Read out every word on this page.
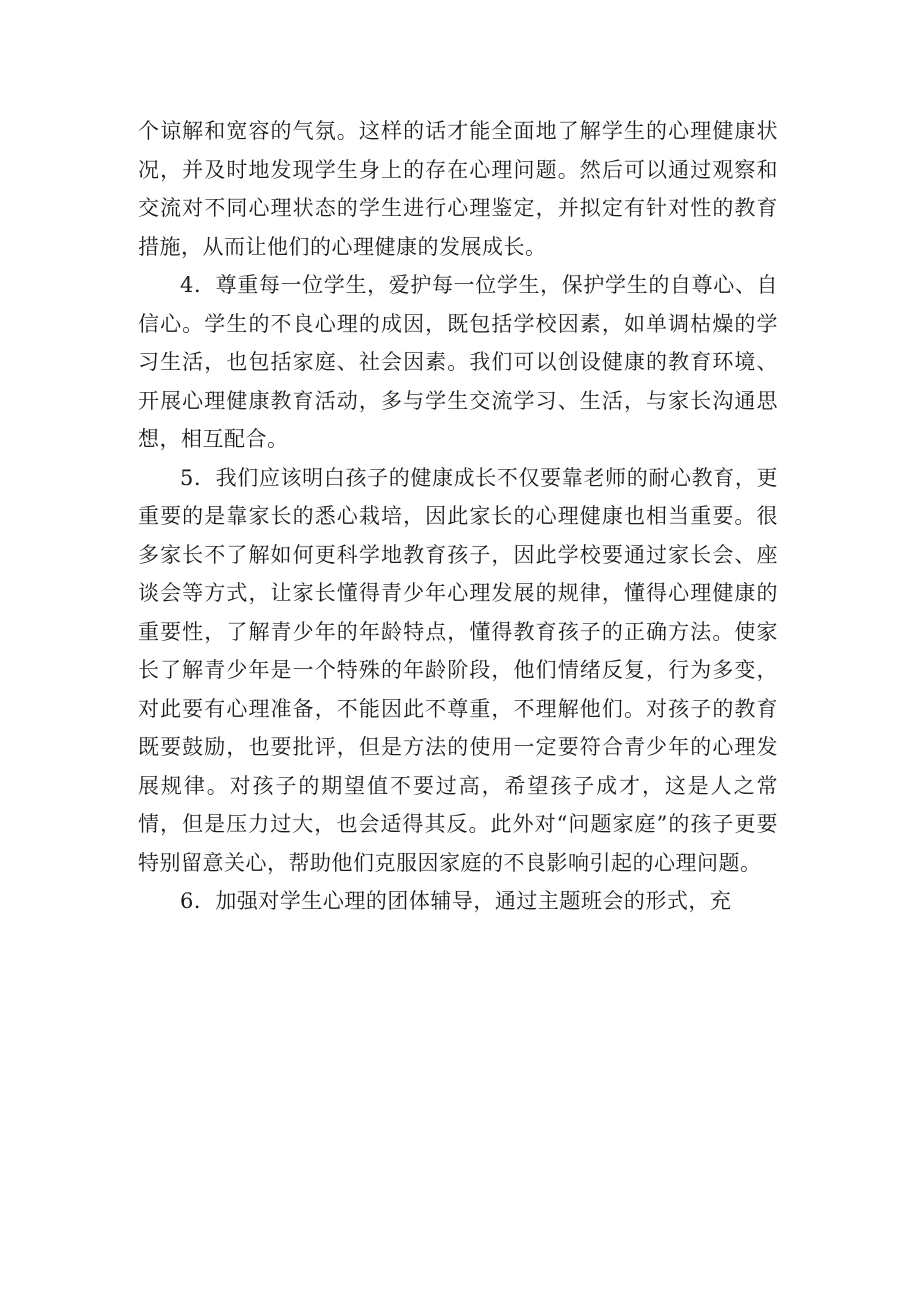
个谅解和宽容的气氛。这样的话才能全面地了解学生的心理健康状况，并及时地发现学生身上的存在心理问题。然后可以通过观察和交流对不同心理状态的学生进行心理鉴定，并拟定有针对性的教育措施，从而让他们的心理健康的发展成长。

4．尊重每一位学生，爱护每一位学生，保护学生的自尊心、自信心。学生的不良心理的成因，既包括学校因素，如单调枯燥的学习生活，也包括家庭、社会因素。我们可以创设健康的教育环境、开展心理健康教育活动，多与学生交流学习、生活，与家长沟通思想，相互配合。

5．我们应该明白孩子的健康成长不仅要靠老师的耐心教育，更重要的是靠家长的悉心栽培，因此家长的心理健康也相当重要。很多家长不了解如何更科学地教育孩子，因此学校要通过家长会、座谈会等方式，让家长懂得青少年心理发展的规律，懂得心理健康的重要性，了解青少年的年龄特点，懂得教育孩子的正确方法。使家长了解青少年是一个特殊的年龄阶段，他们情绪反复，行为多变，对此要有心理准备，不能因此不尊重，不理解他们。对孩子的教育既要鼓励，也要批评，但是方法的使用一定要符合青少年的心理发展规律。对孩子的期望值不要过高，希望孩子成才，这是人之常情，但是压力过大，也会适得其反。此外对“问题家庭”的孩子更要特别留意关心，帮助他们克服因家庭的不良影响引起的心理问题。

6．加强对学生心理的团体辅导，通过主题班会的形式，充
